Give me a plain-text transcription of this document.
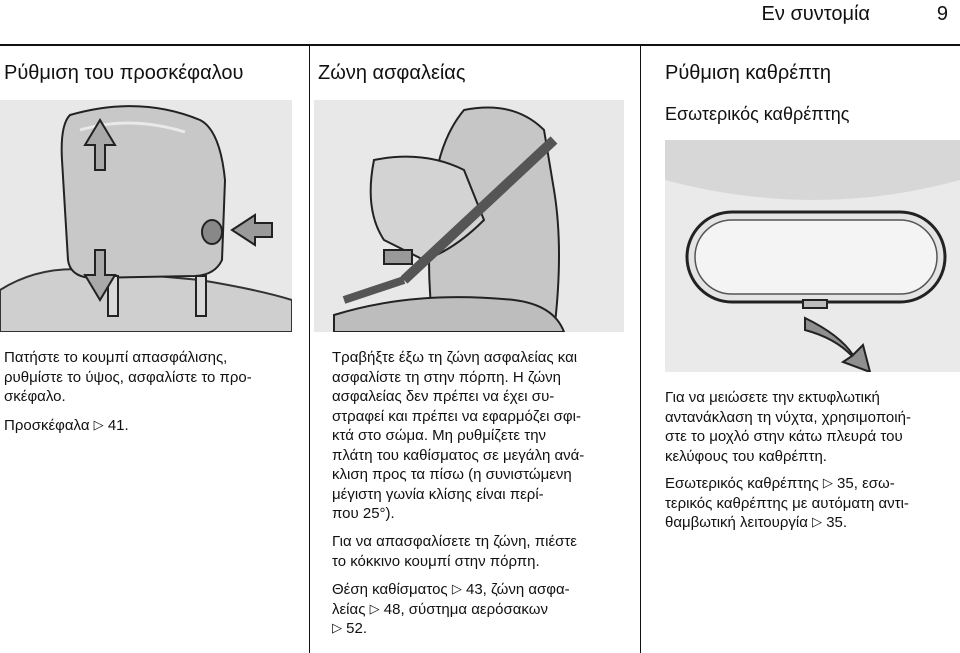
Εν συντομία	9
Ρύθμιση του προσκέφαλου
Πατήστε το κουμπί απασφάλισης,
ρυθμίστε το ύψος, ασφαλίστε το προ-
σκέφαλο.
Προσκέφαλα ▷ 41.
Ζώνη ασφαλείας
Τραβήξτε έξω τη ζώνη ασφαλείας και
ασφαλίστε τη στην πόρπη. Η ζώνη
ασφαλείας δεν πρέπει να έχει συ-
στραφεί και πρέπει να εφαρμόζει σφι-
κτά στο σώμα. Μη ρυθμίζετε την
πλάτη του καθίσματος σε μεγάλη ανά-
κλιση προς τα πίσω (η συνιστώμενη
μέγιστη γωνία κλίσης είναι περί-
που 25°).
Για να απασφαλίσετε τη ζώνη, πιέστε
το κόκκινο κουμπί στην πόρπη.
Θέση καθίσματος ▷ 43, ζώνη ασφα-
λείας ▷ 48, σύστημα αερόσακων
▷ 52.
Ρύθμιση καθρέπτη
Εσωτερικός καθρέπτης
Για να μειώσετε την εκτυφλωτική
αντανάκλαση τη νύχτα, χρησιμοποιή-
στε το μοχλό στην κάτω πλευρά του
κελύφους του καθρέπτη.
Εσωτερικός καθρέπτης ▷ 35, εσω-
τερικός καθρέπτης με αυτόματη αντι-
θαμβωτική λειτουργία ▷ 35.
